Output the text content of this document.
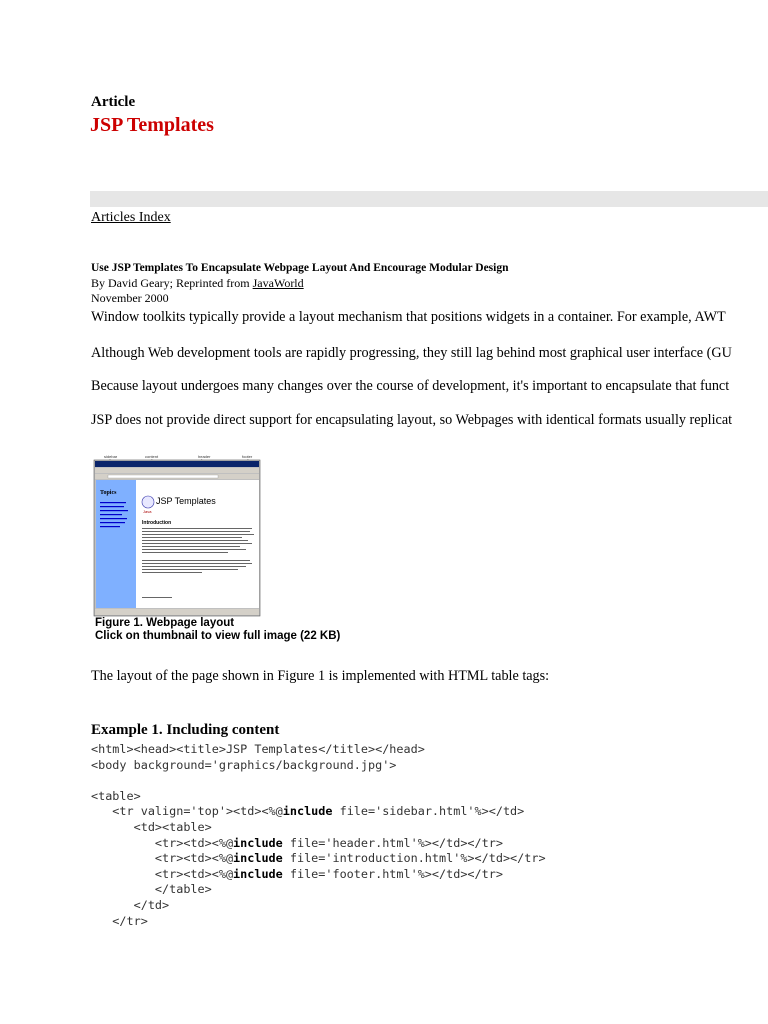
Article
JSP Templates
Articles Index
Use JSP Templates To Encapsulate Webpage Layout And Encourage Modular Design
By David Geary; Reprinted from JavaWorld
November 2000
Window toolkits typically provide a layout mechanism that positions widgets in a container. For example, AWT
Although Web development tools are rapidly progressing, they still lag behind most graphical user interface (GU
Because layout undergoes many changes over the course of development, it's important to encapsulate that funct
JSP does not provide direct support for encapsulating layout, so Webpages with identical formats usually replicat
sidebar	content	header	footer
Topics
Java
JSP Templates
Introduction
Figure 1. Webpage layout
Click on thumbnail to view full image (22 KB)
The layout of the page shown in Figure 1 is implemented with HTML table tags:
Example 1. Including content
<html><head><title>JSP Templates</title></head>
<body background='graphics/background.jpg'>
<table>
<tr valign='top'><td><%@include file='sidebar.html'%></td>
<td><table>
<tr><td><%@include file='header.html'%></td></tr>
<tr><td><%@include file='introduction.html'%></td></tr>
<tr><td><%@include file='footer.html'%></td></tr>
</table>
</td>
</tr>
